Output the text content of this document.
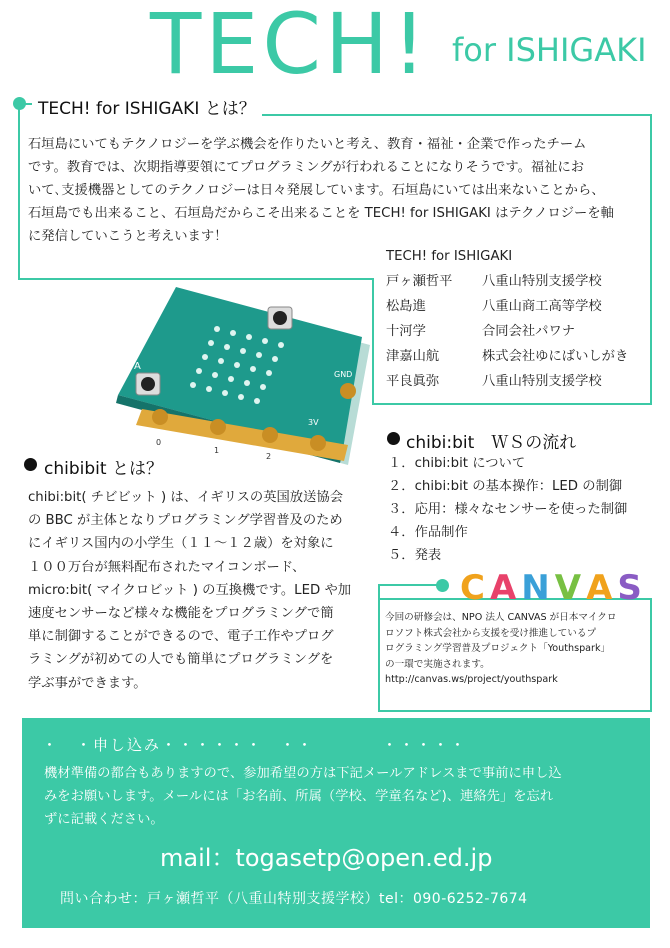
TECH! for ISHIGAKI
TECH! for ISHIGAKI とは？
石垣島にいてもテクノロジーを学ぶ機会を作りたいと考え、教育・福祉・企業で作ったチーム
です。教育では、次期指導要領にてプログラミングが行われることになりそうです。福祉にお
いて､支援機器としてのテクノロジーは日々発展しています。石垣島にいては出来ないことから、
石垣島でも出来ること、石垣島だからこそ出来ることを TECH! for ISHIGAKI はテクノロジーを軸
に発信していこうと考えいます！
TECH! for ISHIGAKI
戸ヶ瀬哲平	八重山特別支援学校
松島進	八重山商工高等学校
十河学	合同会社パワナ
津嘉山航	株式会社ゆにばいしがき
平良眞弥	八重山特別支援学校
A
B
0
1
2
3V
GND
chibi:bit　ＷＳの流れ
１．chibi:bit について
２．chibi:bit の基本操作：LED の制御
３．応用：様々なセンサーを使った制御
４．作品制作
５．発表
chibibit とは？
chibi:bit( チビビット ) は、イギリスの英国放送協会
の BBC が主体となりプログラミング学習普及のため
にイギリス国内の小学生（１１～１２歳）を対象に
１００万台が無料配布されたマイコンボード、
micro:bit( マイクロビット ) の互換機です。LED や加
速度センサーなど様々な機能をプログラミングで簡
単に制御することができるので、電子工作やプログ
ラミングが初めての人でも簡単にプログラミングを
学ぶ事ができます。
C A N V A S
今回の研修会は、NPO 法人 CANVAS が日本マイクロ
ロソフト株式会社から支援を受け推進しているプ
ログラミング学習普及プロジェクト「Youthspark」
の一環で実施されます。
http://canvas.ws/project/youthspark
・　・申し込み・・・・・・　・・　　　　・・・・・
機材準備の都合もありますので、参加希望の方は下記メールアドレスまで事前に申し込
みをお願いします。メールには「お名前、所属（学校、学童名など)、連絡先」を忘れ
ずに記載ください。
mail：togasetp@open.ed.jp
問い合わせ：戸ヶ瀬哲平（八重山特別支援学校）tel：090-6252-7674
